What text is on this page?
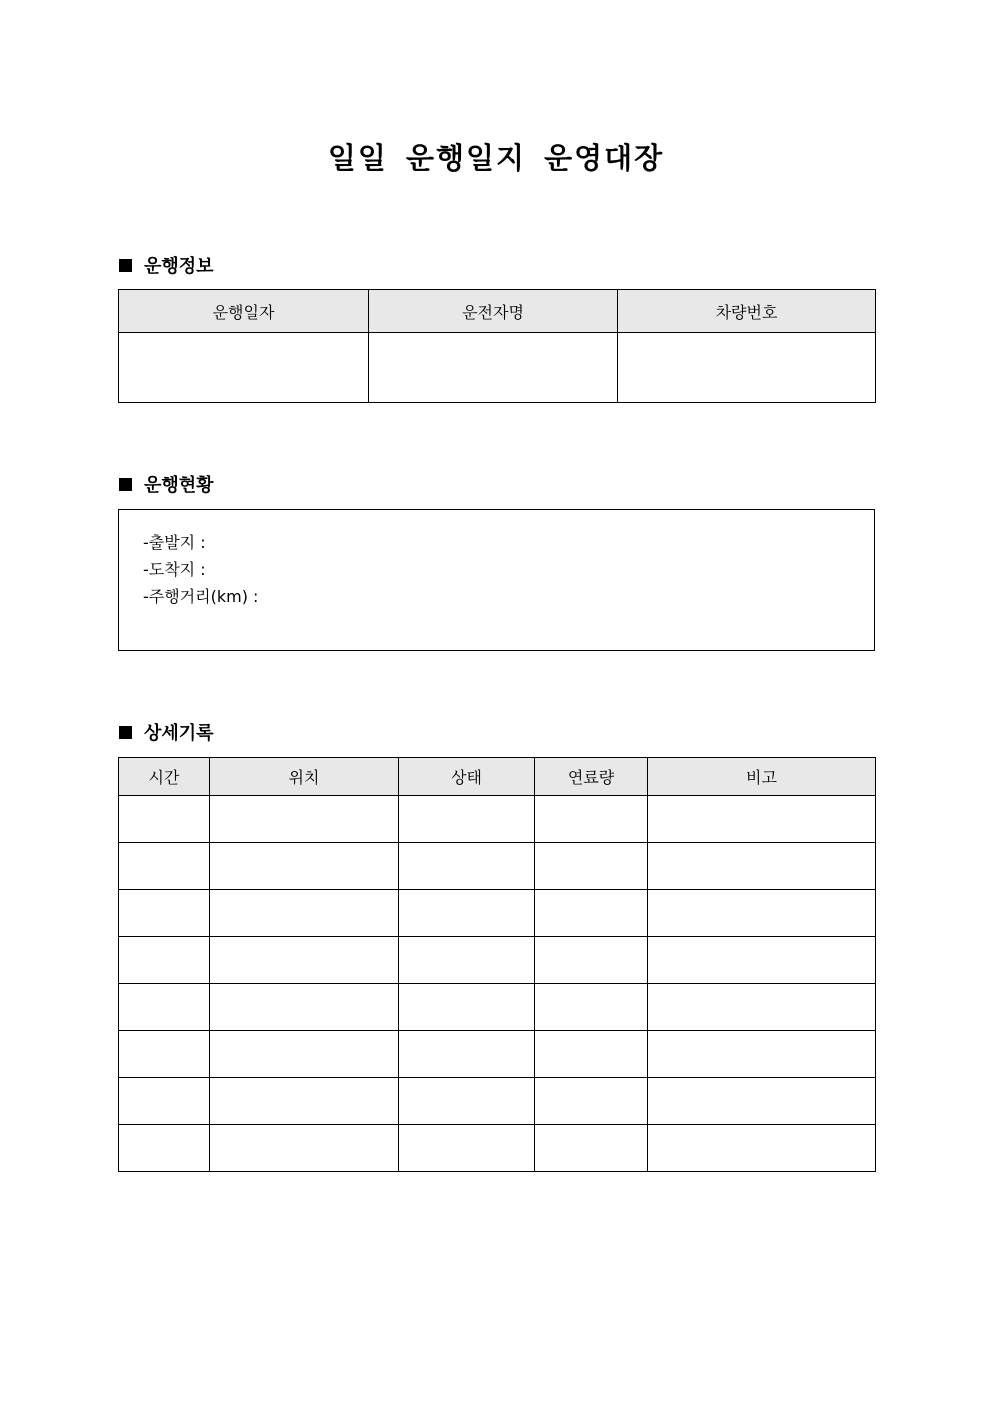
일일 운행일지 운영대장
운행정보
운행일자	운전자명	차량번호

운행현황
-출발지 :
-도착지 :
-주행거리(km) :
상세기록
시간	위치	상태	연료량	비고
